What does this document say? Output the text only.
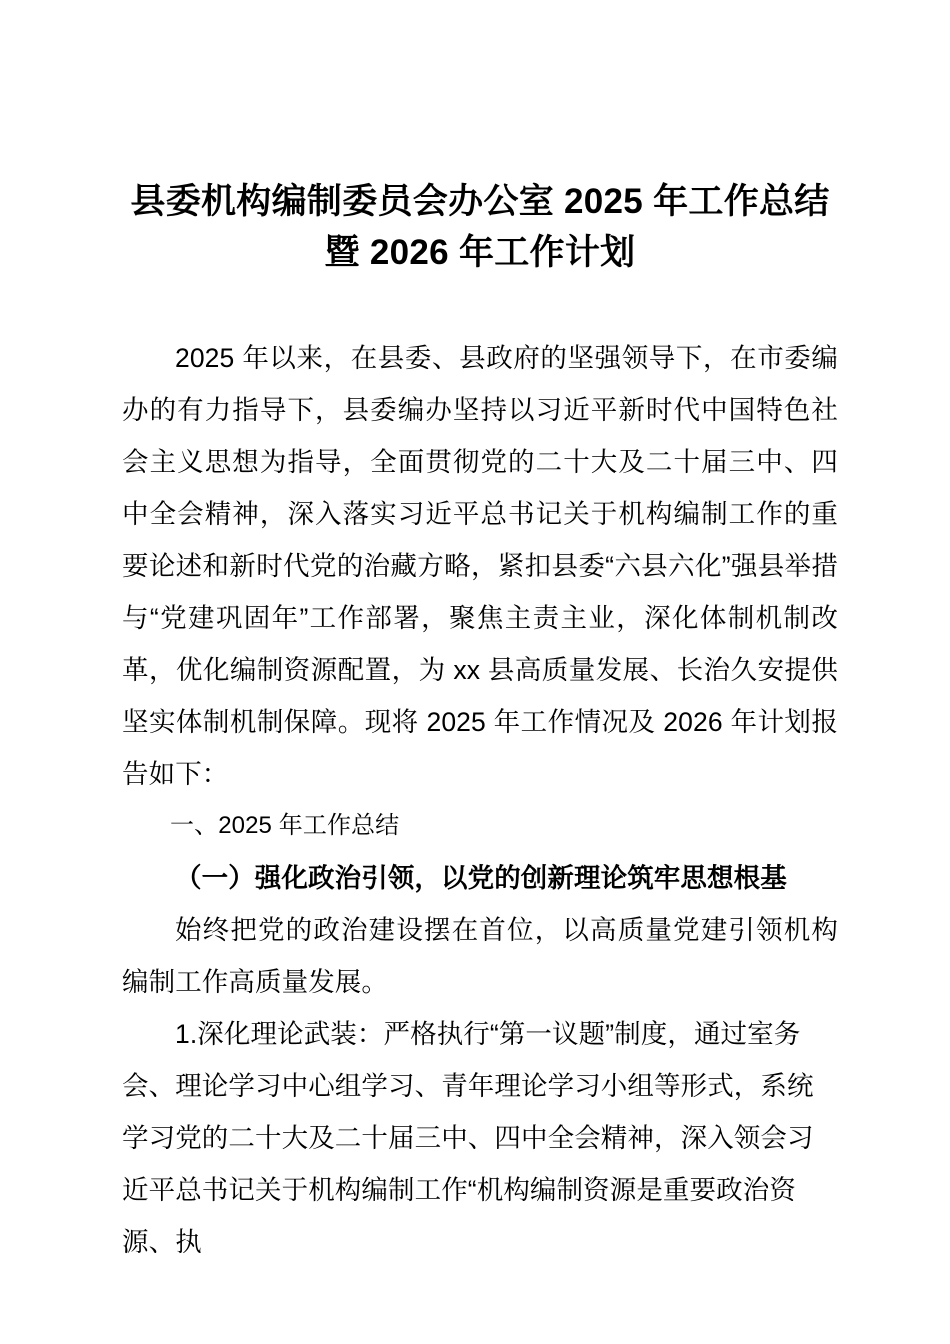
县委机构编制委员会办公室 2025 年工作总结
暨 2026 年工作计划

2025 年以来，在县委、县政府的坚强领导下，在市委编办的有力指导下，县委编办坚持以习近平新时代中国特色社会主义思想为指导，全面贯彻党的二十大及二十届三中、四中全会精神，深入落实习近平总书记关于机构编制工作的重要论述和新时代党的治藏方略，紧扣县委“六县六化”强县举措与“党建巩固年”工作部署，聚焦主责主业，深化体制机制改革，优化编制资源配置，为 xx 县高质量发展、长治久安提供坚实体制机制保障。现将 2025 年工作情况及 2026 年计划报告如下：

一、2025 年工作总结

（一）强化政治引领，以党的创新理论筑牢思想根基

始终把党的政治建设摆在首位，以高质量党建引领机构编制工作高质量发展。

1.深化理论武装：严格执行“第一议题”制度，通过室务会、理论学习中心组学习、青年理论学习小组等形式，系统学习党的二十大及二十届三中、四中全会精神，深入领会习近平总书记关于机构编制工作“机构编制资源是重要政治资源、执
